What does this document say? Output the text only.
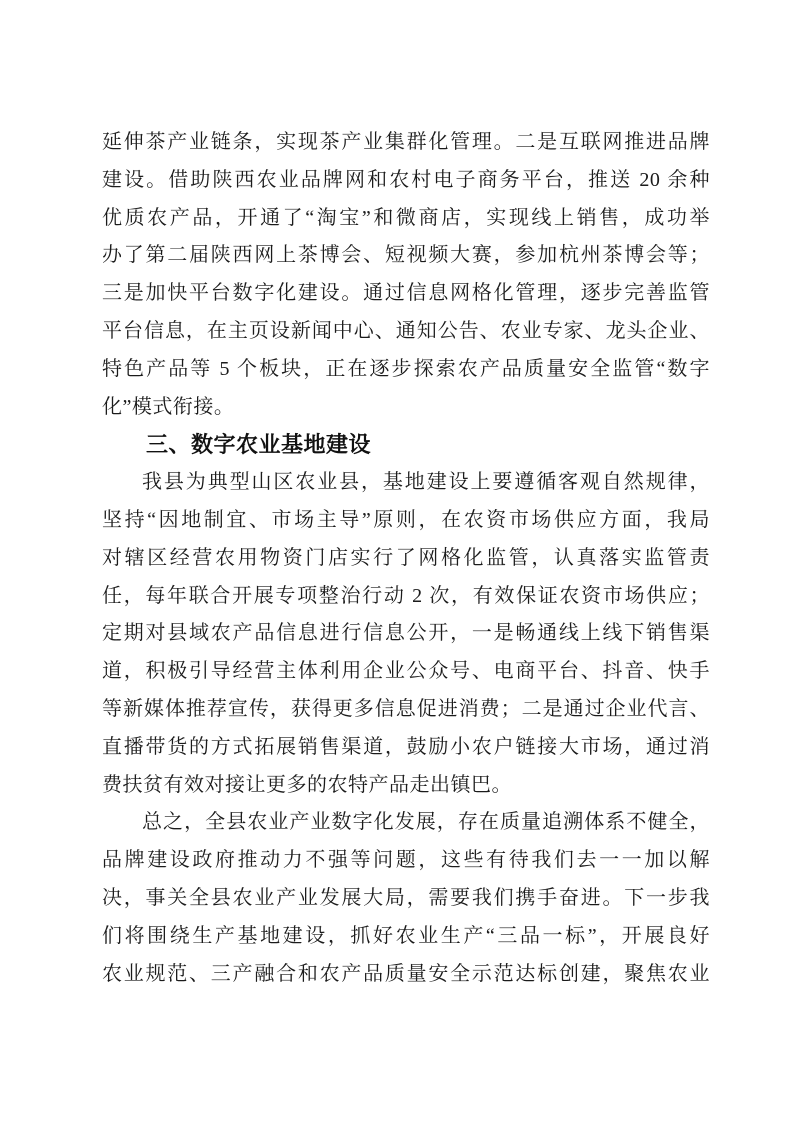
延伸茶产业链条，实现茶产业集群化管理。二是互联网推进品牌
建设。借助陕西农业品牌网和农村电子商务平台，推送 20 余种
优质农产品，开通了“淘宝”和微商店，实现线上销售，成功举
办了第二届陕西网上茶博会、短视频大赛，参加杭州茶博会等；
三是加快平台数字化建设。通过信息网格化管理，逐步完善监管
平台信息，在主页设新闻中心、通知公告、农业专家、龙头企业、
特色产品等 5 个板块，正在逐步探索农产品质量安全监管“数字
化”模式衔接。
三、数字农业基地建设
我县为典型山区农业县，基地建设上要遵循客观自然规律，
坚持“因地制宜、市场主导”原则，在农资市场供应方面，我局
对辖区经营农用物资门店实行了网格化监管，认真落实监管责
任，每年联合开展专项整治行动 2 次，有效保证农资市场供应；
定期对县域农产品信息进行信息公开，一是畅通线上线下销售渠
道，积极引导经营主体利用企业公众号、电商平台、抖音、快手
等新媒体推荐宣传，获得更多信息促进消费；二是通过企业代言、
直播带货的方式拓展销售渠道，鼓励小农户链接大市场，通过消
费扶贫有效对接让更多的农特产品走出镇巴。
总之，全县农业产业数字化发展，存在质量追溯体系不健全，
品牌建设政府推动力不强等问题，这些有待我们去一一加以解
决，事关全县农业产业发展大局，需要我们携手奋进。下一步我
们将围绕生产基地建设，抓好农业生产“三品一标”，开展良好
农业规范、三产融合和农产品质量安全示范达标创建，聚焦农业
